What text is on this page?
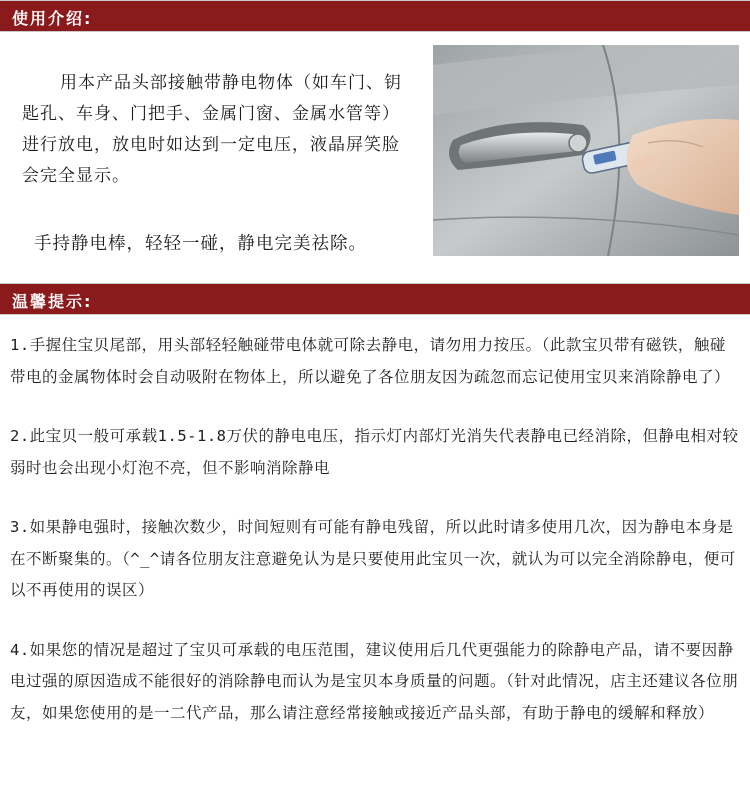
使用介绍:
用本产品头部接触带静电物体（如车门、钥匙孔、车身、门把手、金属门窗、金属水管等）进行放电，放电时如达到一定电压，液晶屏笑脸会完全显示。
手持静电棒，轻轻一碰，静电完美祛除。
温馨提示:

1.手握住宝贝尾部，用头部轻轻触碰带电体就可除去静电，请勿用力按压。（此款宝贝带有磁铁，触碰带电的金属物体时会自动吸附在物体上，所以避免了各位朋友因为疏忽而忘记使用宝贝来消除静电了）

2.此宝贝一般可承载1.5-1.8万伏的静电电压，指示灯内部灯光消失代表静电已经消除，但静电相对较弱时也会出现小灯泡不亮，但不影响消除静电

3.如果静电强时，接触次数少，时间短则有可能有静电残留，所以此时请多使用几次，因为静电本身是在不断聚集的。（^_^请各位朋友注意避免认为是只要使用此宝贝一次，就认为可以完全消除静电，便可以不再使用的误区）

4.如果您的情况是超过了宝贝可承载的电压范围，建议使用后几代更强能力的除静电产品，请不要因静电过强的原因造成不能很好的消除静电而认为是宝贝本身质量的问题。（针对此情况，店主还建议各位朋友，如果您使用的是一二代产品，那么请注意经常接触或接近产品头部，有助于静电的缓解和释放）
